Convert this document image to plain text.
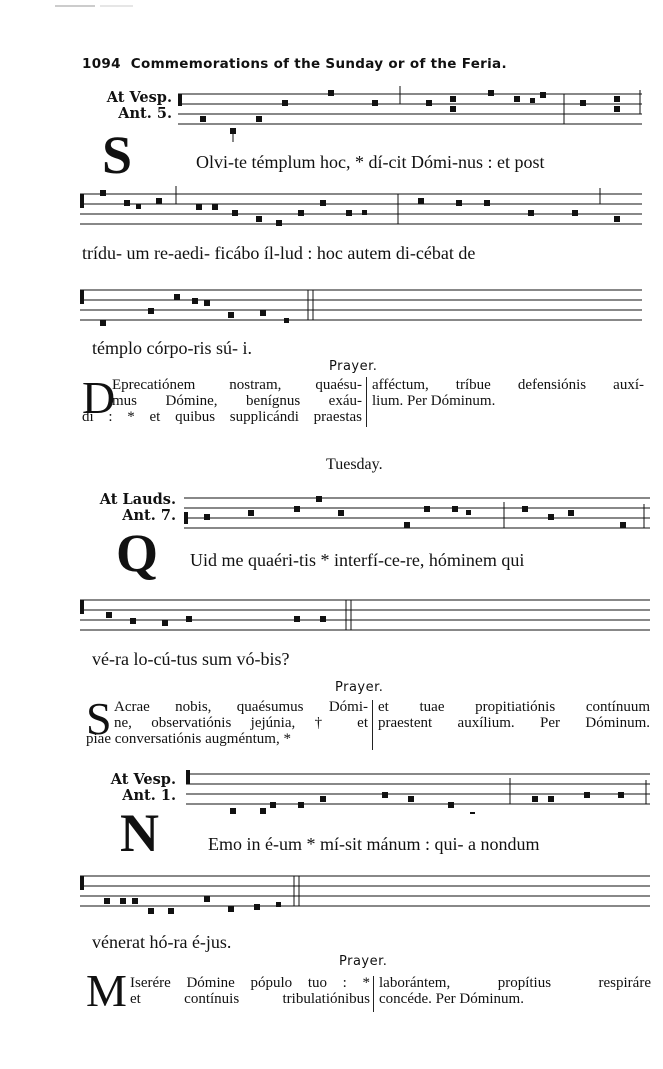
1094 Commemorations of the Sunday or of the Feria.
At Vesp.
Ant. 5.
S	Olvi-te témplum hoc, * dí-cit Dómi-nus : et post
trídu- um re-aedi- ficábo íl-lud : hoc autem di-cébat de
témplo córpo-ris sú- i.
Prayer.
D
Eprecatiónem nostram, quaésu-
mus Dómine, benígnus exáu-
di : * et quibus supplicándi praestas
afféctum, tríbue defensiónis auxí-
lium. Per Dóminum.
Tuesday.
At Lauds.
Ant. 7.
Q Uid me quaéri-tis * interfí-ce-re, hóminem qui
vé-ra lo-cú-tus sum vó-bis?
Prayer.
S Acrae nobis, quaésumus Dómi-
ne, observatiónis jejúnia, † et
piae conversatiónis augméntum, *
et tuae propitiatiónis contínuum
praestent auxílium. Per Dóminum.
At Vesp.
Ant. 1.
N	Emo in é-um * mí-sit mánum : qui- a nondum
vénerat hó-ra é-jus.
Prayer.
M Iserére Dómine pópulo tuo : *
et contínuis tribulatiónibus
laborántem, propítius respiráre
concéde. Per Dóminum.
